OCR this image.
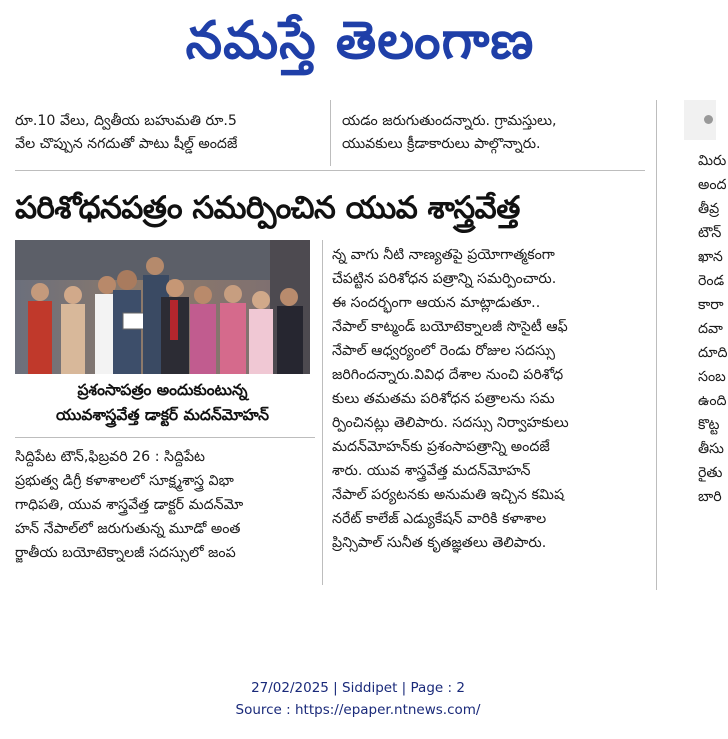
నమస్తే తెలంగాణ
రూ.10 వేలు, ద్వితీయ బహుమతి రూ.5
వేల చొప్పున నగదుతో పాటు షీల్డ్ అందజే
యడం జరుగుతుందన్నారు. గ్రామస్తులు,
యువకులు క్రీడాకారులు పాల్గొన్నారు.
పరిశోధనపత్రం సమర్పించిన యువ శాస్త్రవేత్త
ప్రశంసాపత్రం అందుకుంటున్న
యువశాస్త్రవేత్త డాక్టర్ మదన్‌మోహన్
సిద్దిపేట టౌన్,ఫిబ్రవరి 26 : సిద్దిపేట
ప్రభుత్వ డిగ్రీ కళాశాలలో సూక్ష్మశాస్త్ర విభా
గాధిపతి, యువ శాస్త్రవేత్త డాక్టర్ మదన్‌మో
హన్ నేపాల్‌లో జరుగుతున్న మూడో అంత
ర్జాతీయ బయోటెక్నాలజీ సదస్సులో జంప
న్న వాగు నీటి నాణ్యతపై ప్రయోగాత్మకంగా
చేపట్టిన పరిశోధన పత్రాన్ని సమర్పించారు.
ఈ సందర్భంగా ఆయన మాట్లాడుతూ..
నేపాల్ కాట్మండ్ బయోటెక్నాలజీ సొసైటీ ఆఫ్
నేపాల్ ఆధ్వర్యంలో రెండు రోజుల సదస్సు
జరిగిందన్నారు.వివిధ దేశాల నుంచి పరిశోధ
కులు తమతమ పరిశోధన పత్రాలను సమ
ర్పించినట్లు తెలిపారు. సదస్సు నిర్వాహకులు
మదన్‌మోహన్‌కు ప్రశంసాపత్రాన్ని అందజే
శారు. యువ శాస్త్రవేత్త మదన్‌మోహన్
నేపాల్ పర్యటనకు అనుమతి ఇచ్చిన కమిష
నరేట్ కాలేజ్ ఎడ్యుకేషన్ వారికి కళాశాల
ప్రిన్సిపాల్ సునీత కృతజ్ఞతలు తెలిపారు.
మిరు
అంద
తీవ్ర
టౌన్
ఖాన
రెండ
కారా
దవా
దూది
సంబ
ఉంది
కొట్ట
తీసు
రైతు
బారి
27/02/2025 | Siddipet | Page : 2
Source : https://epaper.ntnews.com/
